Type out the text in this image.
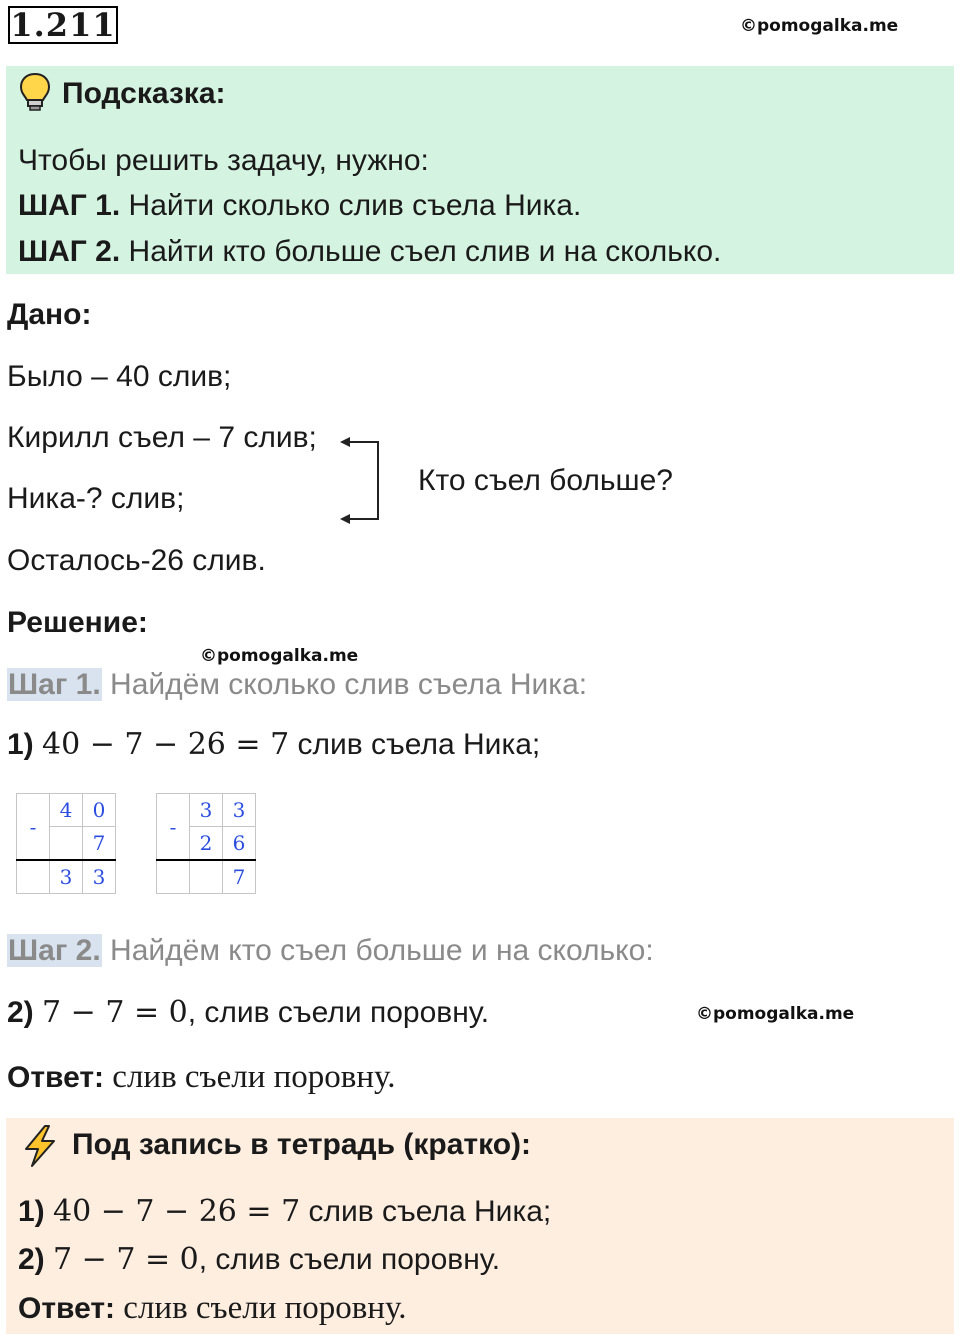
1.211	©pomogalka.me
Подсказка:
Чтобы решить задачу, нужно:
ШАГ 1. Найти сколько слив съела Ника.
ШАГ 2. Найти кто больше съел слив и на сколько.
Дано:
Было – 40 слив;
Кирилл съел – 7 слив;
Ника-? слив;
Осталось-26 слив.
Кто съел больше?
Решение:
©pomogalka.me
Шаг 1. Найдём сколько слив съела Ника:
1) 40 − 7 − 26 = 7 слив съела Ника;
-	4	0
		7
	3	3
-	3	3
	2	6
		7
Шаг 2. Найдём кто съел больше и на сколько:
2) 7 − 7 = 0, слив съели поровну.	©pomogalka.me
Ответ: слив съели поровну.
Под запись в тетрадь (кратко):
1) 40 − 7 − 26 = 7 слив съела Ника;
2) 7 − 7 = 0, слив съели поровну.
Ответ: слив съели поровну.
